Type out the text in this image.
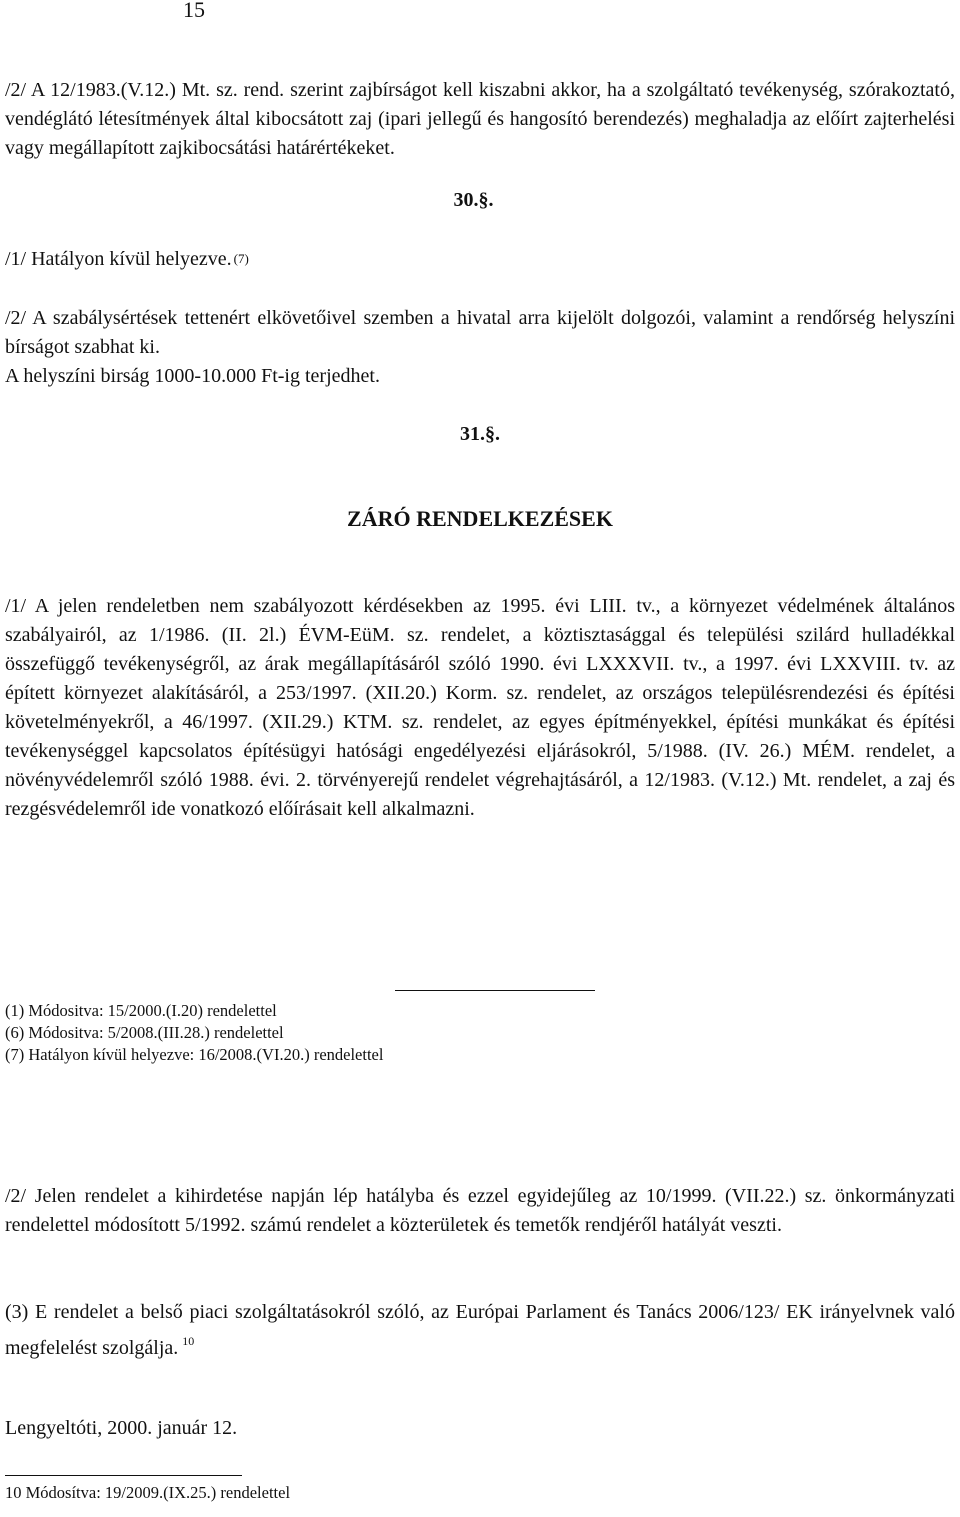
15

/2/ A 12/1983.(V.12.) Mt. sz. rend. szerint zajbírságot kell kiszabni akkor, ha a szolgáltató tevékenység, szórakoztató, vendéglátó létesítmények által kibocsátott zaj (ipari jellegű és hangosító berendezés) meghaladja az előírt zajterhelési vagy megállapított zajkibocsátási határértékeket.

30.§.

/1/ Hatályon kívül helyezve. (7)

/2/ A szabálysértések tettenért elkövetőivel szemben a hivatal arra kijelölt dolgozói, valamint a rendőrség helyszíni bírságot szabhat ki.

A helyszíni birság 1000-10.000 Ft-ig terjedhet.

31.§.
ZÁRÓ RENDELKEZÉSEK

/1/ A jelen rendeletben nem szabályozott kérdésekben az 1995. évi LIII. tv., a környezet védelmének általános szabályairól, az 1/1986. (II. 2l.) ÉVM-EüM. sz. rendelet, a köztisztasággal és települési szilárd hulladékkal összefüggő tevékenységről, az árak megállapításáról szóló 1990. évi LXXXVII. tv., a 1997. évi LXXVIII. tv. az épített környezet alakításáról, a 253/1997. (XII.20.) Korm. sz. rendelet, az országos településrendezési és építési követelményekről, a 46/1997. (XII.29.) KTM. sz. rendelet, az egyes építményekkel, építési munkákat és építési tevékenységgel kapcsolatos építésügyi hatósági engedélyezési eljárásokról, 5/1988. (IV. 26.) MÉM. rendelet, a növényvédelemről szóló 1988. évi. 2. törvényerejű rendelet végrehajtásáról, a 12/1983. (V.12.) Mt. rendelet, a zaj és rezgésvédelemről ide vonatkozó előírásait kell alkalmazni.

(1) Módositva: 15/2000.(I.20) rendelettel
(6) Módositva: 5/2008.(III.28.) rendelettel
(7) Hatályon kívül helyezve: 16/2008.(VI.20.) rendelettel

/2/ Jelen rendelet a kihirdetése napján lép hatályba és ezzel egyidejűleg az 10/1999. (VII.22.) sz. önkormányzati rendelettel módosított 5/1992. számú rendelet a közterületek és temetők rendjéről hatályát veszti.

(3) E rendelet a belső piaci szolgáltatásokról szóló, az Európai Parlament és Tanács 2006/123/ EK irányelvnek való megfelelést szolgálja. $^{10}$

Lengyeltóti, 2000. január 12.

10 Módosítva: 19/2009.(IX.25.) rendelettel
